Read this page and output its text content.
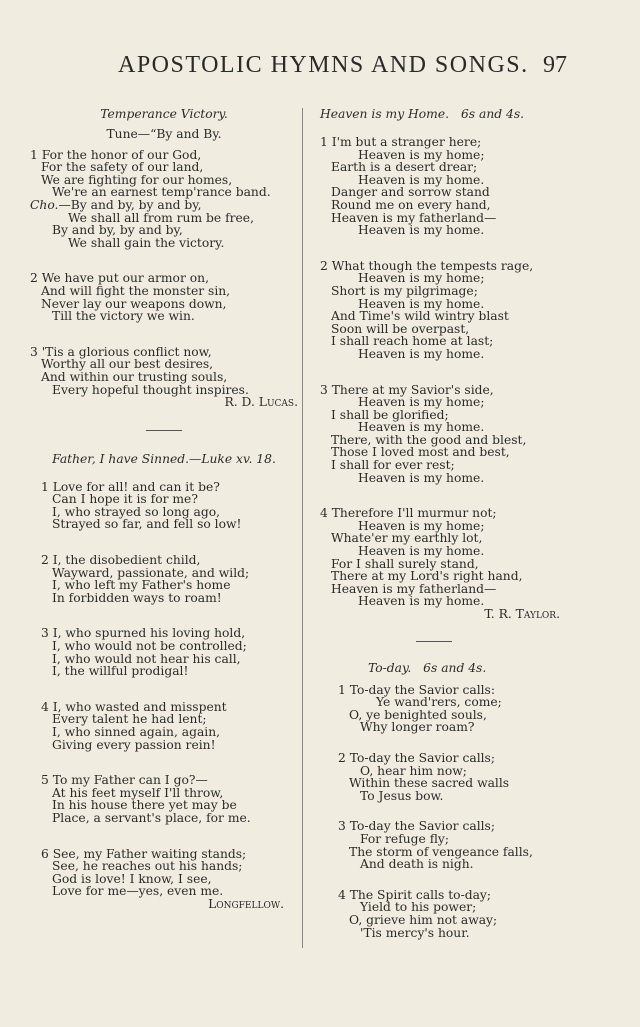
APOSTOLIC HYMNS AND SONGS. 97
Temperance Victory.
Tune—“By and By.
1 For the honor of our God,
For the safety of our land,
We are fighting for our homes,
We're an earnest temp'rance band.
Cho.—By and by, by and by,
We shall all from rum be free,
By and by, by and by,
We shall gain the victory.
2 We have put our armor on,
And will fight the monster sin,
Never lay our weapons down,
Till the victory we win.
3 'Tis a glorious conflict now,
Worthy all our best desires,
And within our trusting souls,
Every hopeful thought inspires.
R. D. Lucas.
Father, I have Sinned.—Luke xv. 18.
1 Love for all! and can it be?
Can I hope it is for me?
I, who strayed so long ago,
Strayed so far, and fell so low!
2 I, the disobedient child,
Wayward, passionate, and wild;
I, who left my Father's home
In forbidden ways to roam!
3 I, who spurned his loving hold,
I, who would not be controlled;
I, who would not hear his call,
I, the willful prodigal!
4 I, who wasted and misspent
Every talent he had lent;
I, who sinned again, again,
Giving every passion rein!
5 To my Father can I go?—
At his feet myself I'll throw,
In his house there yet may be
Place, a servant's place, for me.
6 See, my Father waiting stands;
See, he reaches out his hands;
God is love! I know, I see,
Love for me—yes, even me.
Longfellow.
Heaven is my Home. 6s and 4s.
1 I'm but a stranger here;
Heaven is my home;
Earth is a desert drear;
Heaven is my home.
Danger and sorrow stand
Round me on every hand,
Heaven is my fatherland—
Heaven is my home.
2 What though the tempests rage,
Heaven is my home;
Short is my pilgrimage;
Heaven is my home.
And Time's wild wintry blast
Soon will be overpast,
I shall reach home at last;
Heaven is my home.
3 There at my Savior's side,
Heaven is my home;
I shall be glorified;
Heaven is my home.
There, with the good and blest,
Those I loved most and best,
I shall for ever rest;
Heaven is my home.
4 Therefore I'll murmur not;
Heaven is my home;
Whate'er my earthly lot,
Heaven is my home.
For I shall surely stand,
There at my Lord's right hand,
Heaven is my fatherland—
Heaven is my home.
T. R. Taylor.
To-day. 6s and 4s.
1 To-day the Savior calls:
Ye wand'rers, come;
O, ye benighted souls,
Why longer roam?
2 To-day the Savior calls;
O, hear him now;
Within these sacred walls
To Jesus bow.
3 To-day the Savior calls;
For refuge fly;
The storm of vengeance falls,
And death is nigh.
4 The Spirit calls to-day;
Yield to his power;
O, grieve him not away;
'Tis mercy's hour.
